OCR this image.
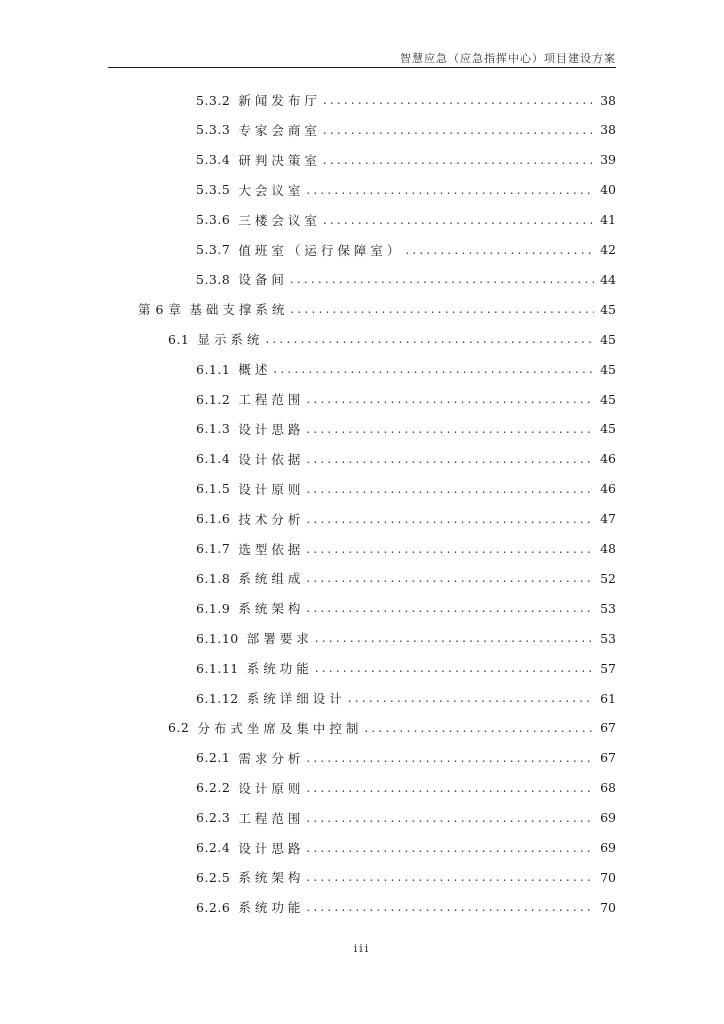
智慧应急（应急指挥中心）项目建设方案
5.3.2 新闻发布厅 .....	38
5.3.3 专家会商室 .....	38
5.3.4 研判决策室 .....	39
5.3.5 大会议室 .....	40
5.3.6 三楼会议室 .....	41
5.3.7 值班室（运行保障室） .....	42
5.3.8 设备间 .....	44
第 6 章 基础支撑系统 .....	45
6.1 显示系统 .....	45
6.1.1 概述 .....	45
6.1.2 工程范围 .....	45
6.1.3 设计思路 .....	45
6.1.4 设计依据 .....	46
6.1.5 设计原则 .....	46
6.1.6 技术分析 .....	47
6.1.7 选型依据 .....	48
6.1.8 系统组成 .....	52
6.1.9 系统架构 .....	53
6.1.10 部署要求 .....	53
6.1.11 系统功能 .....	57
6.1.12 系统详细设计 .....	61
6.2 分布式坐席及集中控制 .....	67
6.2.1 需求分析 .....	67
6.2.2 设计原则 .....	68
6.2.3 工程范围 .....	69
6.2.4 设计思路 .....	69
6.2.5 系统架构 .....	70
6.2.6 系统功能 .....	70
iii
